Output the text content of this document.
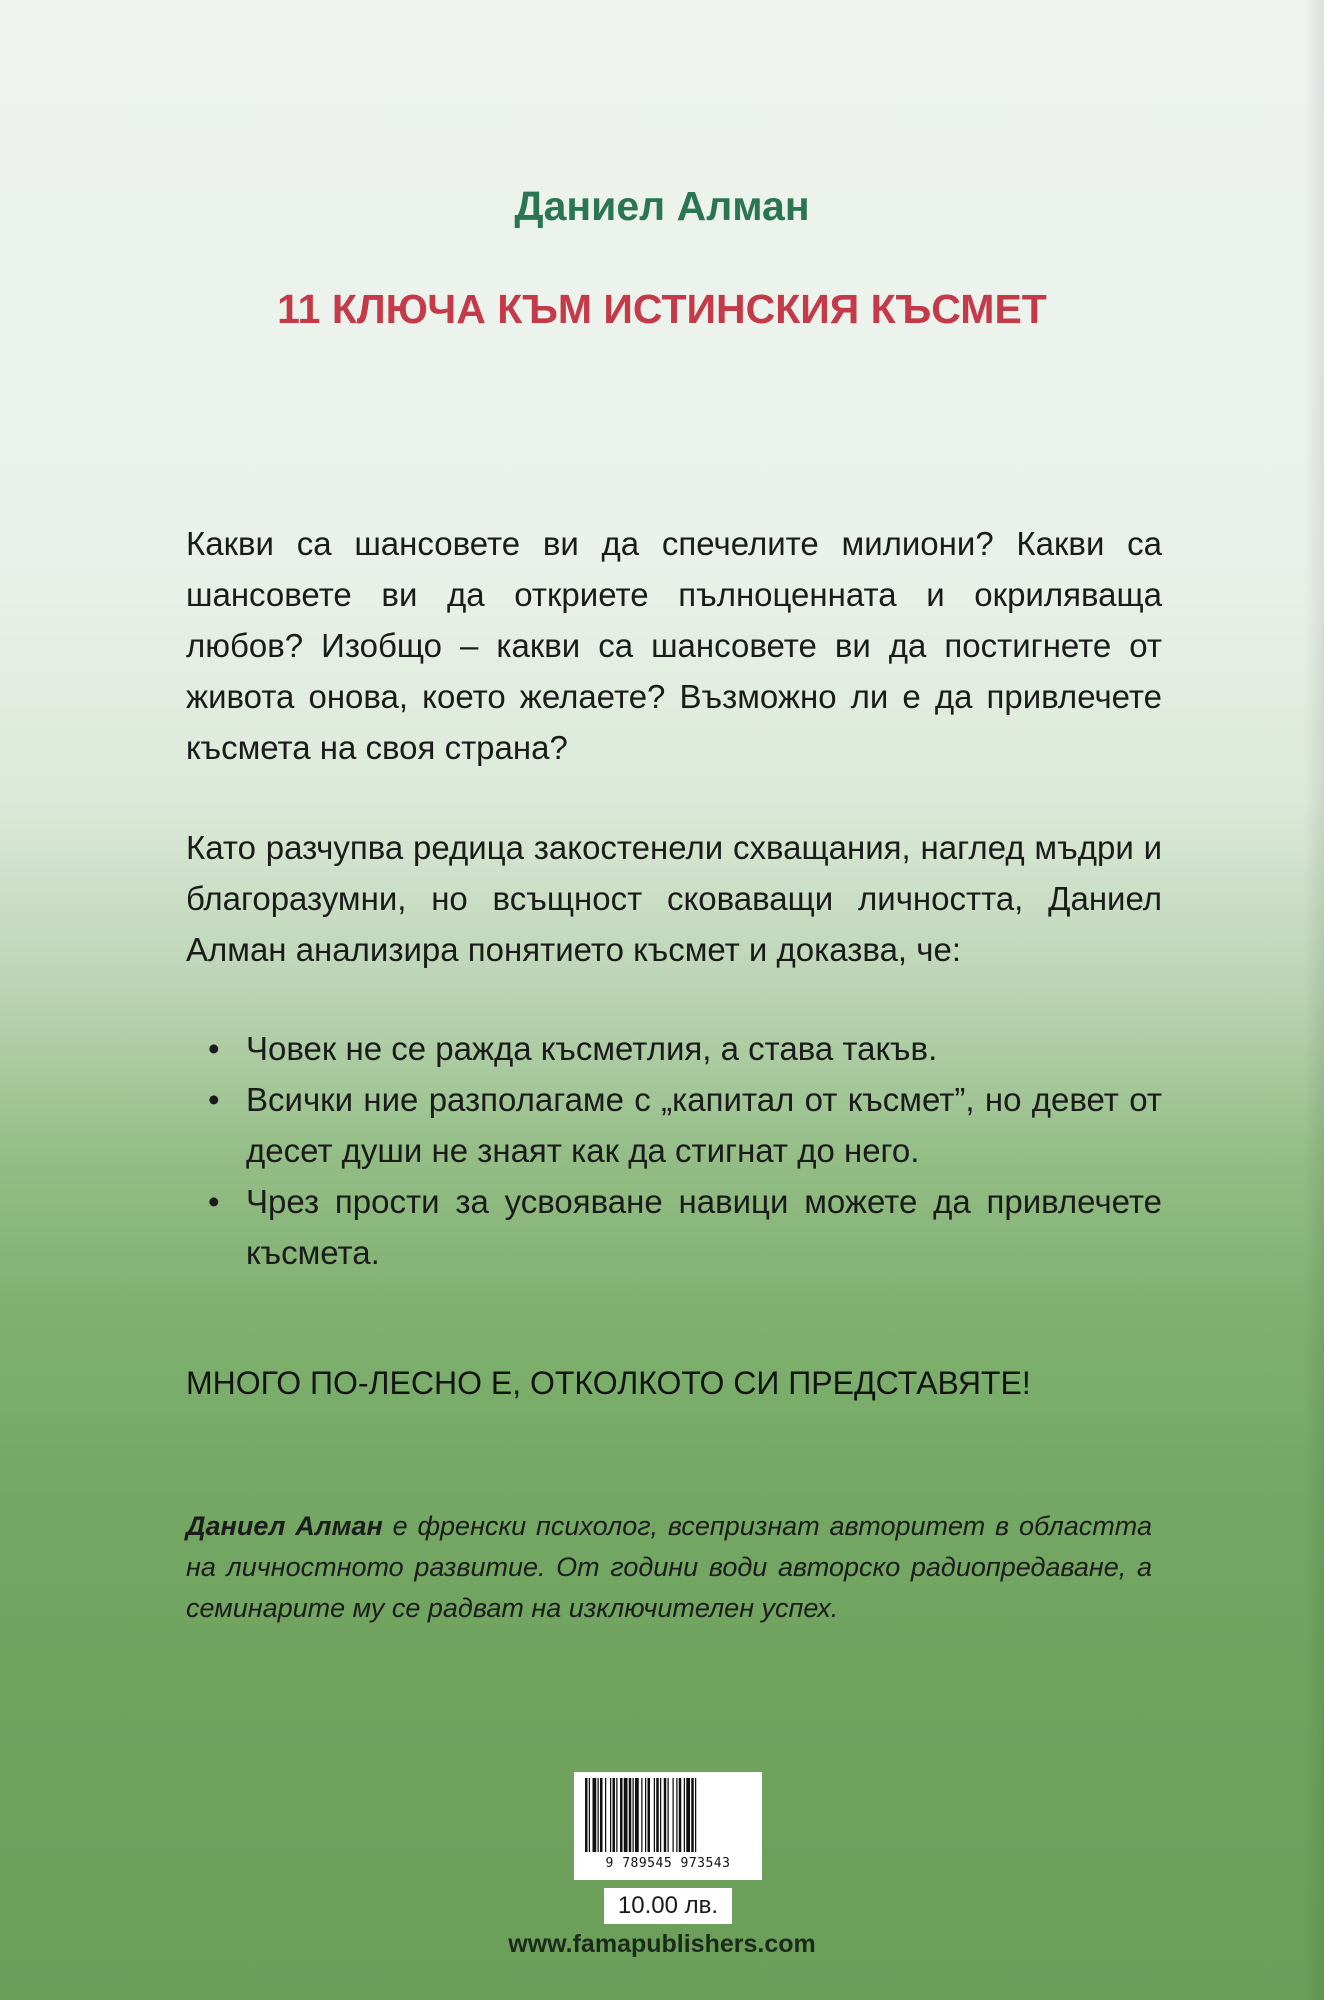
Даниел Алман
11 КЛЮЧА КЪМ ИСТИНСКИЯ КЪСМЕТ

Какви са шансовете ви да спечелите милиони? Какви са шансовете ви да откриете пълноценната и окриляваща любов? Изобщо – какви са шансовете ви да постигнете от живота онова, което желаете? Възможно ли е да привлечете късмета на своя страна?

Като разчупва редица закостенели схващания, наглед мъдри и благоразумни, но всъщност сковаващи личността, Даниел Алман анализира понятието късмет и доказва, че:

• Човек не се ражда късметлия, а става такъв.
• Всички ние разполагаме с „капитал от късмет”, но девет от десет души не знаят как да стигнат до него.
• Чрез прости за усвояване навици можете да привлечете късмета.
МНОГО ПО-ЛЕСНО Е, ОТКОЛКОТО СИ ПРЕДСТАВЯТЕ!

Даниел Алман е френски психолог, всепризнат авторитет в областта на личностното развитие. От години води авторско радиопредаване, а семинарите му се радват на изключителен успех.

9 789545 973543
10.00 лв.
www.famapublishers.com
